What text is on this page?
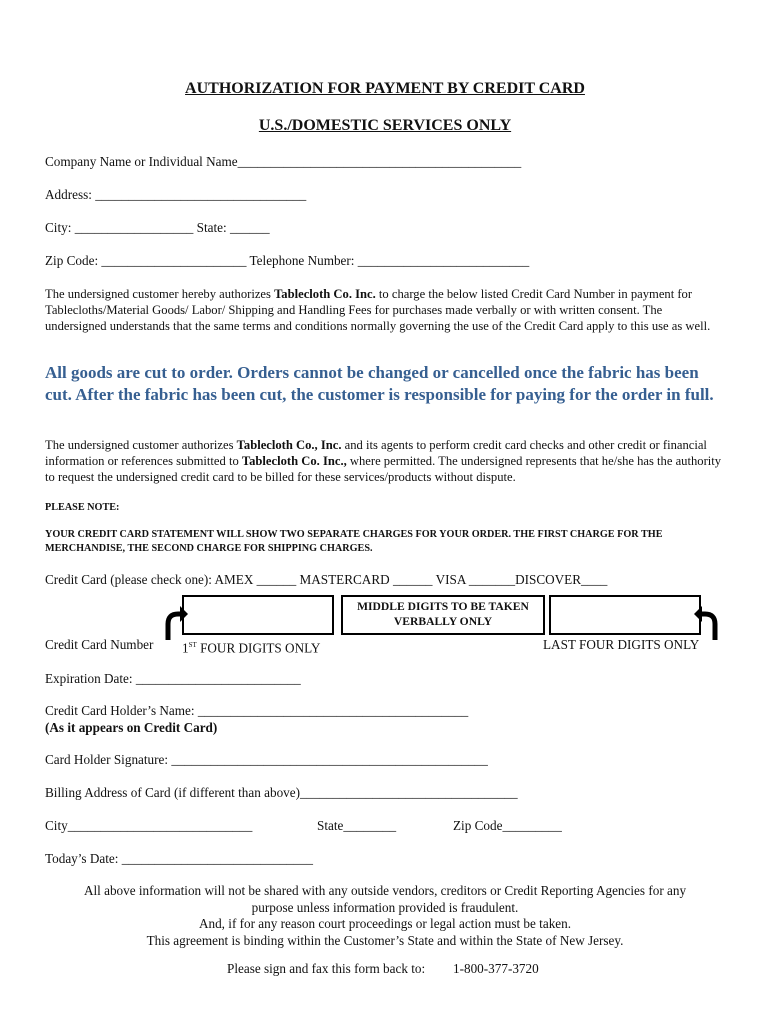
AUTHORIZATION FOR PAYMENT BY CREDIT CARD
U.S./DOMESTIC SERVICES ONLY
Company Name or Individual Name___________________________________________
Address: ________________________________
City: __________________ State: ______
Zip Code: ______________________ Telephone Number: __________________________
The undersigned customer hereby authorizes Tablecloth Co. Inc. to charge the below listed Credit Card Number in payment for Tablecloths/Material Goods/ Labor/ Shipping and Handling Fees for purchases made verbally or with written consent. The undersigned understands that the same terms and conditions normally governing the use of the Credit Card apply to this use as well.
All goods are cut to order. Orders cannot be changed or cancelled once the fabric has been cut. After the fabric has been cut, the customer is responsible for paying for the order in full.
The undersigned customer authorizes Tablecloth Co., Inc. and its agents to perform credit card checks and other credit or financial information or references submitted to Tablecloth Co. Inc., where permitted. The undersigned represents that he/she has the authority to request the undersigned credit card to be billed for these services/products without dispute.
PLEASE NOTE:
YOUR CREDIT CARD STATEMENT WILL SHOW TWO SEPARATE CHARGES FOR YOUR ORDER. THE FIRST CHARGE FOR THE MERCHANDISE, THE SECOND CHARGE FOR SHIPPING CHARGES.
Credit Card (please check one): AMEX ______ MASTERCARD ______ VISA _______DISCOVER____
MIDDLE DIGITS TO BE TAKEN VERBALLY ONLY
Credit Card Number 1ST FOUR DIGITS ONLY	LAST FOUR DIGITS ONLY
Expiration Date: _________________________
Credit Card Holder’s Name: _________________________________________
(As it appears on Credit Card)
Card Holder Signature: ________________________________________________
Billing Address of Card (if different than above)_________________________________
City____________________________	State________	Zip Code_________
Today’s Date: _____________________________
All above information will not be shared with any outside vendors, creditors or Credit Reporting Agencies for any
purpose unless information provided is fraudulent.
And, if for any reason court proceedings or legal action must be taken.
This agreement is binding within the Customer’s State and within the State of New Jersey.
Please sign and fax this form back to: 1-800-377-3720
